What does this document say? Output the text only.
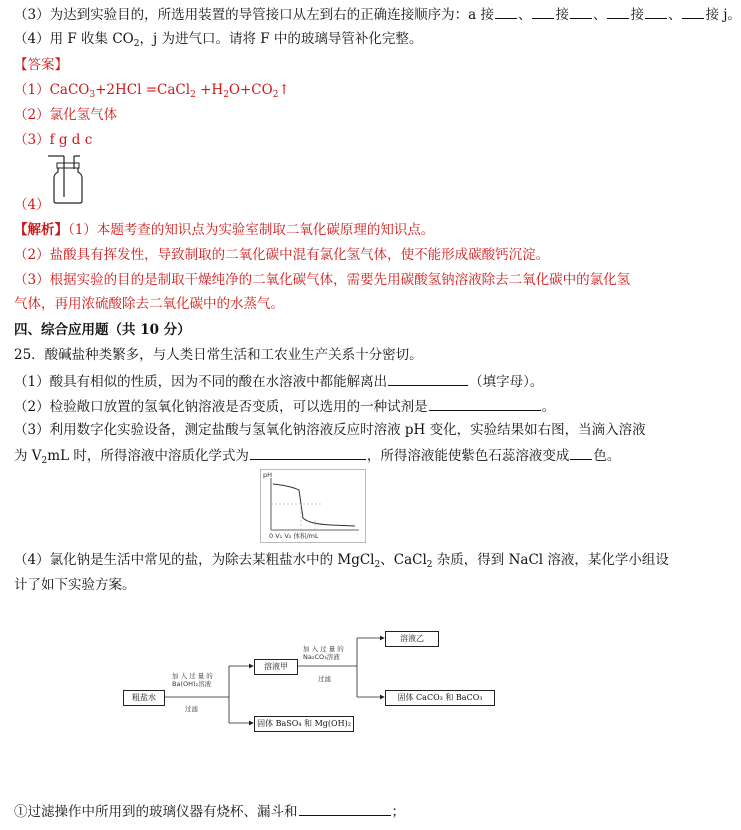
（3）为达到实验目的，所选用装置的导管接口从左到右的正确连接顺序为：a 接 、 接 、 接 、 接 j。
（4）用 F 收集 $CO_2$，j 为进气口。请将 F 中的玻璃导管补化完整。
【答案】
（1）CaCO$_3$+2HCl =CaCl$_2$ $+H_2O+CO_2↑$
（2）氯化氢气体
（3）f g d c
（4）
【解析】（1）本题考查的知识点为实验室制取二氧化碳原理的知识点。
（2）盐酸具有挥发性，导致制取的二氧化碳中混有氯化氢气体，使不能形成碳酸钙沉淀。
（3）根据实验的目的是制取干燥纯净的二氧化碳气体，需要先用碳酸氢钠溶液除去二氧化碳中的氯化氢
气体，再用浓硫酸除去二氧化碳中的水蒸气。
四、综合应用题（共 10 分）
25．酸碱盐种类繁多，与人类日常生活和工农业生产关系十分密切。
（1）酸具有相似的性质，因为不同的酸在水溶液中都能解离出	（填字母）。
（2）检验敞口放置的氢氧化钠溶液是否变质，可以选用的一种试剂是	。
（3）利用数字化实验设备，测定盐酸与氢氧化钠溶液反应时溶液 pH 变化，实验结果如右图，当滴入溶液
为 $V_2mL$ 时，所得溶液中溶质化学式为	，所得溶液能使紫色石蕊溶液变成 色。
pH
0 V₁ V₂ 体积/mL
（4）氯化钠是生活中常见的盐，为除去某粗盐水中的 MgCl$_2$、CaCl$_2$ 杂质，得到 NaCl 溶液，某化学小组设
计了如下实验方案。
粗盐水
加 入 过 量 的
Ba(OH)₂溶液
过滤
溶液甲
固体 BaSO₄ 和 Mg(OH)₂
加 入 过 量 的
Na₂CO₃溶液
过滤
溶液乙
固体 CaCO₃ 和 BaCO₃
①过滤操作中所用到的玻璃仪器有烧杯、漏斗和	；
